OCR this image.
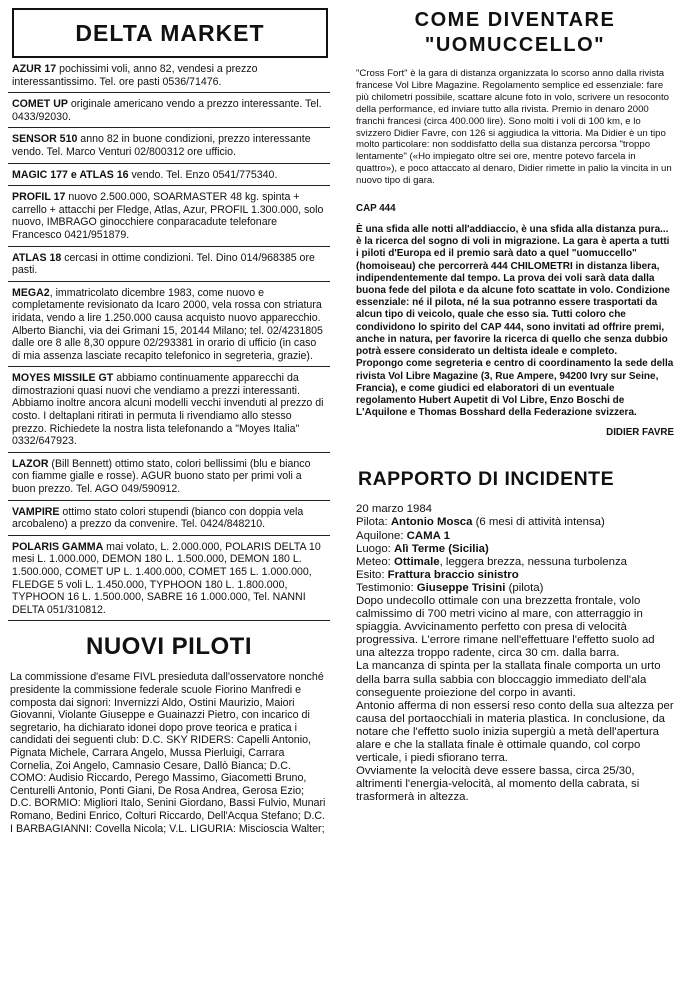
DELTA MARKET
AZUR 17 pochissimi voli, anno 82, vendesi a prezzo interessantissimo. Tel. ore pasti 0536/71476.
COMET UP originale americano vendo a prezzo interessante. Tel. 0433/92030.
SENSOR 510 anno 82 in buone condizioni, prezzo interessante vendo. Tel. Marco Venturi 02/800312 ore ufficio.
MAGIC 177 e ATLAS 16 vendo. Tel. Enzo 0541/775340.
PROFIL 17 nuovo 2.500.000, SOARMASTER 48 kg. spinta + carrello + attacchi per Fledge, Atlas, Azur, PROFIL 1.300.000, solo nuovo, IMBRAGO ginocchiere conparacadute telefonare Francesco 0421/951879.
ATLAS 18 cercasi in ottime condizioni. Tel. Dino 014/968385 ore pasti.
MEGA2, immatricolato dicembre 1983, come nuovo e completamente revisionato da Icaro 2000, vela rossa con striatura iridata, vendo a lire 1.250.000 causa acquisto nuovo apparecchio. Alberto Bianchi, via dei Grimani 15, 20144 Milano; tel. 02/4231805 dalle ore 8 alle 8,30 oppure 02/293381 in orario di ufficio (in caso di mia assenza lasciate recapito telefonico in segreteria, grazie).
MOYES MISSILE GT abbiamo continuamente apparecchi da dimostrazioni quasi nuovi che vendiamo a prezzi interessanti. Abbiamo inoltre ancora alcuni modelli vecchi invenduti al prezzo di costo. I deltaplani ritirati in permuta li rivendiamo allo stesso prezzo. Richiedete la nostra lista telefonando a "Moyes Italia" 0332/647923.
LAZOR (Bill Bennett) ottimo stato, colori bellissimi (blu e bianco con fiamme gialle e rosse). AGUR buono stato per primi voli a buon prezzo. Tel. AGO 049/590912.
VAMPIRE ottimo stato colori stupendi (bianco con doppia vela arcobaleno) a prezzo da convenire. Tel. 0424/848210.
POLARIS GAMMA mai volato, L. 2.000.000, POLARIS DELTA 10 mesi L. 1.000.000, DEMON 180 L. 1.500.000, DEMON 180 L. 1.500.000, COMET UP L. 1.400.000, COMET 165 L. 1.000.000, FLEDGE 5 voli L. 1.450.000, TYPHOON 180 L. 1.800.000, TYPHOON 16 L. 1.500.000, SABRE 16 1.000.000, Tel. NANNI DELTA 051/310812.
NUOVI PILOTI
La commissione d'esame FIVL presieduta dall'osservatore nonché presidente la commissione federale scuole Fiorino Manfredi e composta dai signori: Invernizzi Aldo, Ostini Maurizio, Maiori Giovanni, Violante Giuseppe e Guainazzi Pietro, con incarico di segretario, ha dichiarato idonei dopo prove teorica e pratica i candidati dei seguenti club: D.C. SKY RIDERS: Capelli Antonio, Pignata Michele, Carrara Angelo, Mussa Pierluigi, Carrara Cornelia, Zoi Angelo, Camnasio Cesare, Dallò Bianca; D.C. COMO: Audisio Riccardo, Perego Massimo, Giacometti Bruno, Centurelli Antonio, Ponti Giani, De Rosa Andrea, Gerosa Ezio; D.C. BORMIO: Migliori Italo, Senini Giordano, Bassi Fulvio, Munari Romano, Bedini Enrico, Colturi Riccardo, Dell'Acqua Stefano; D.C. I BARBAGIANNI: Covella Nicola; V.L. LIGURIA: Miscioscia Walter;
COME DIVENTARE
"UOMUCCELLO"
"Cross Fort" è la gara di distanza organizzata lo scorso anno dalla rivista francese Vol Libre Magazine. Regolamento semplice ed essenziale: fare più chilometri possibile, scattare alcune foto in volo, scrivere un resoconto della performance, ed inviare tutto alla rivista. Premio in denaro 2000 franchi francesi (circa 400.000 lire). Sono molti i voli di 100 km, e lo svizzero Didier Favre, con 126 si aggiudica la vittoria. Ma Didier è un tipo molto particolare: non soddisfatto della sua distanza percorsa "troppo lentamente" («Ho impiegato oltre sei ore, mentre potevo farcela in quattro»), e poco attaccato al denaro, Didier rimette in palio la vincita in un nuovo tipo di gara.
CAP 444
È una sfida alle notti all'addiaccio, è una sfida alla distanza pura... è la ricerca del sogno di voli in migrazione. La gara è aperta a tutti i piloti d'Europa ed il premio sarà dato a quel "uomuccello" (homoiseau) che percorrerà 444 CHILOMETRI in distanza libera, indipendentemente dal tempo. La prova dei voli sarà data dalla buona fede del pilota e da alcune foto scattate in volo. Condizione essenziale: né il pilota, né la sua potranno essere trasportati da alcun tipo di veicolo, quale che esso sia. Tutti coloro che condividono lo spirito del CAP 444, sono invitati ad offrire premi, anche in natura, per favorire la ricerca di quello che senza dubbio potrà essere considerato un deltista ideale e completo.
Propongo come segreteria e centro di coordinamento la sede della rivista Vol Libre Magazine (3, Rue Ampere, 94200 Ivry sur Seine, Francia), e come giudici ed elaboratori di un eventuale regolamento Hubert Aupetit di Vol Libre, Enzo Boschi de L'Aquilone e Thomas Bosshard della Federazione svizzera.
DIDIER FAVRE
RAPPORTO DI INCIDENTE
20 marzo 1984
Pilota: Antonio Mosca (6 mesi di attività intensa)
Aquilone: CAMA 1
Luogo: Alì Terme (Sicilia)
Meteo: Ottimale, leggera brezza, nessuna turbolenza
Esito: Frattura braccio sinistro
Testimonio: Giuseppe Trisini (pilota)
Dopo undecollo ottimale con una brezzetta frontale, volo calmissimo di 700 metri vicino al mare, con atterraggio in spiaggia. Avvicinamento perfetto con presa di velocità progressiva. L'errore rimane nell'effettuare l'effetto suolo ad una altezza troppo radente, circa 30 cm. dalla barra.
La mancanza di spinta per la stallata finale comporta un urto della barra sulla sabbia con bloccaggio immediato dell'ala conseguente proiezione del corpo in avanti.
Antonio afferma di non essersi reso conto della sua altezza per causa del portaocchiali in materia plastica. In conclusione, da notare che l'effetto suolo inizia supergiù a metà dell'apertura alare e che la stallata finale è ottimale quando, col corpo verticale, i piedi sfiorano terra.
Ovviamente la velocità deve essere bassa, circa 25/30, altrimenti l'energia-velocità, al momento della cabrata, si trasformerà in altezza.
